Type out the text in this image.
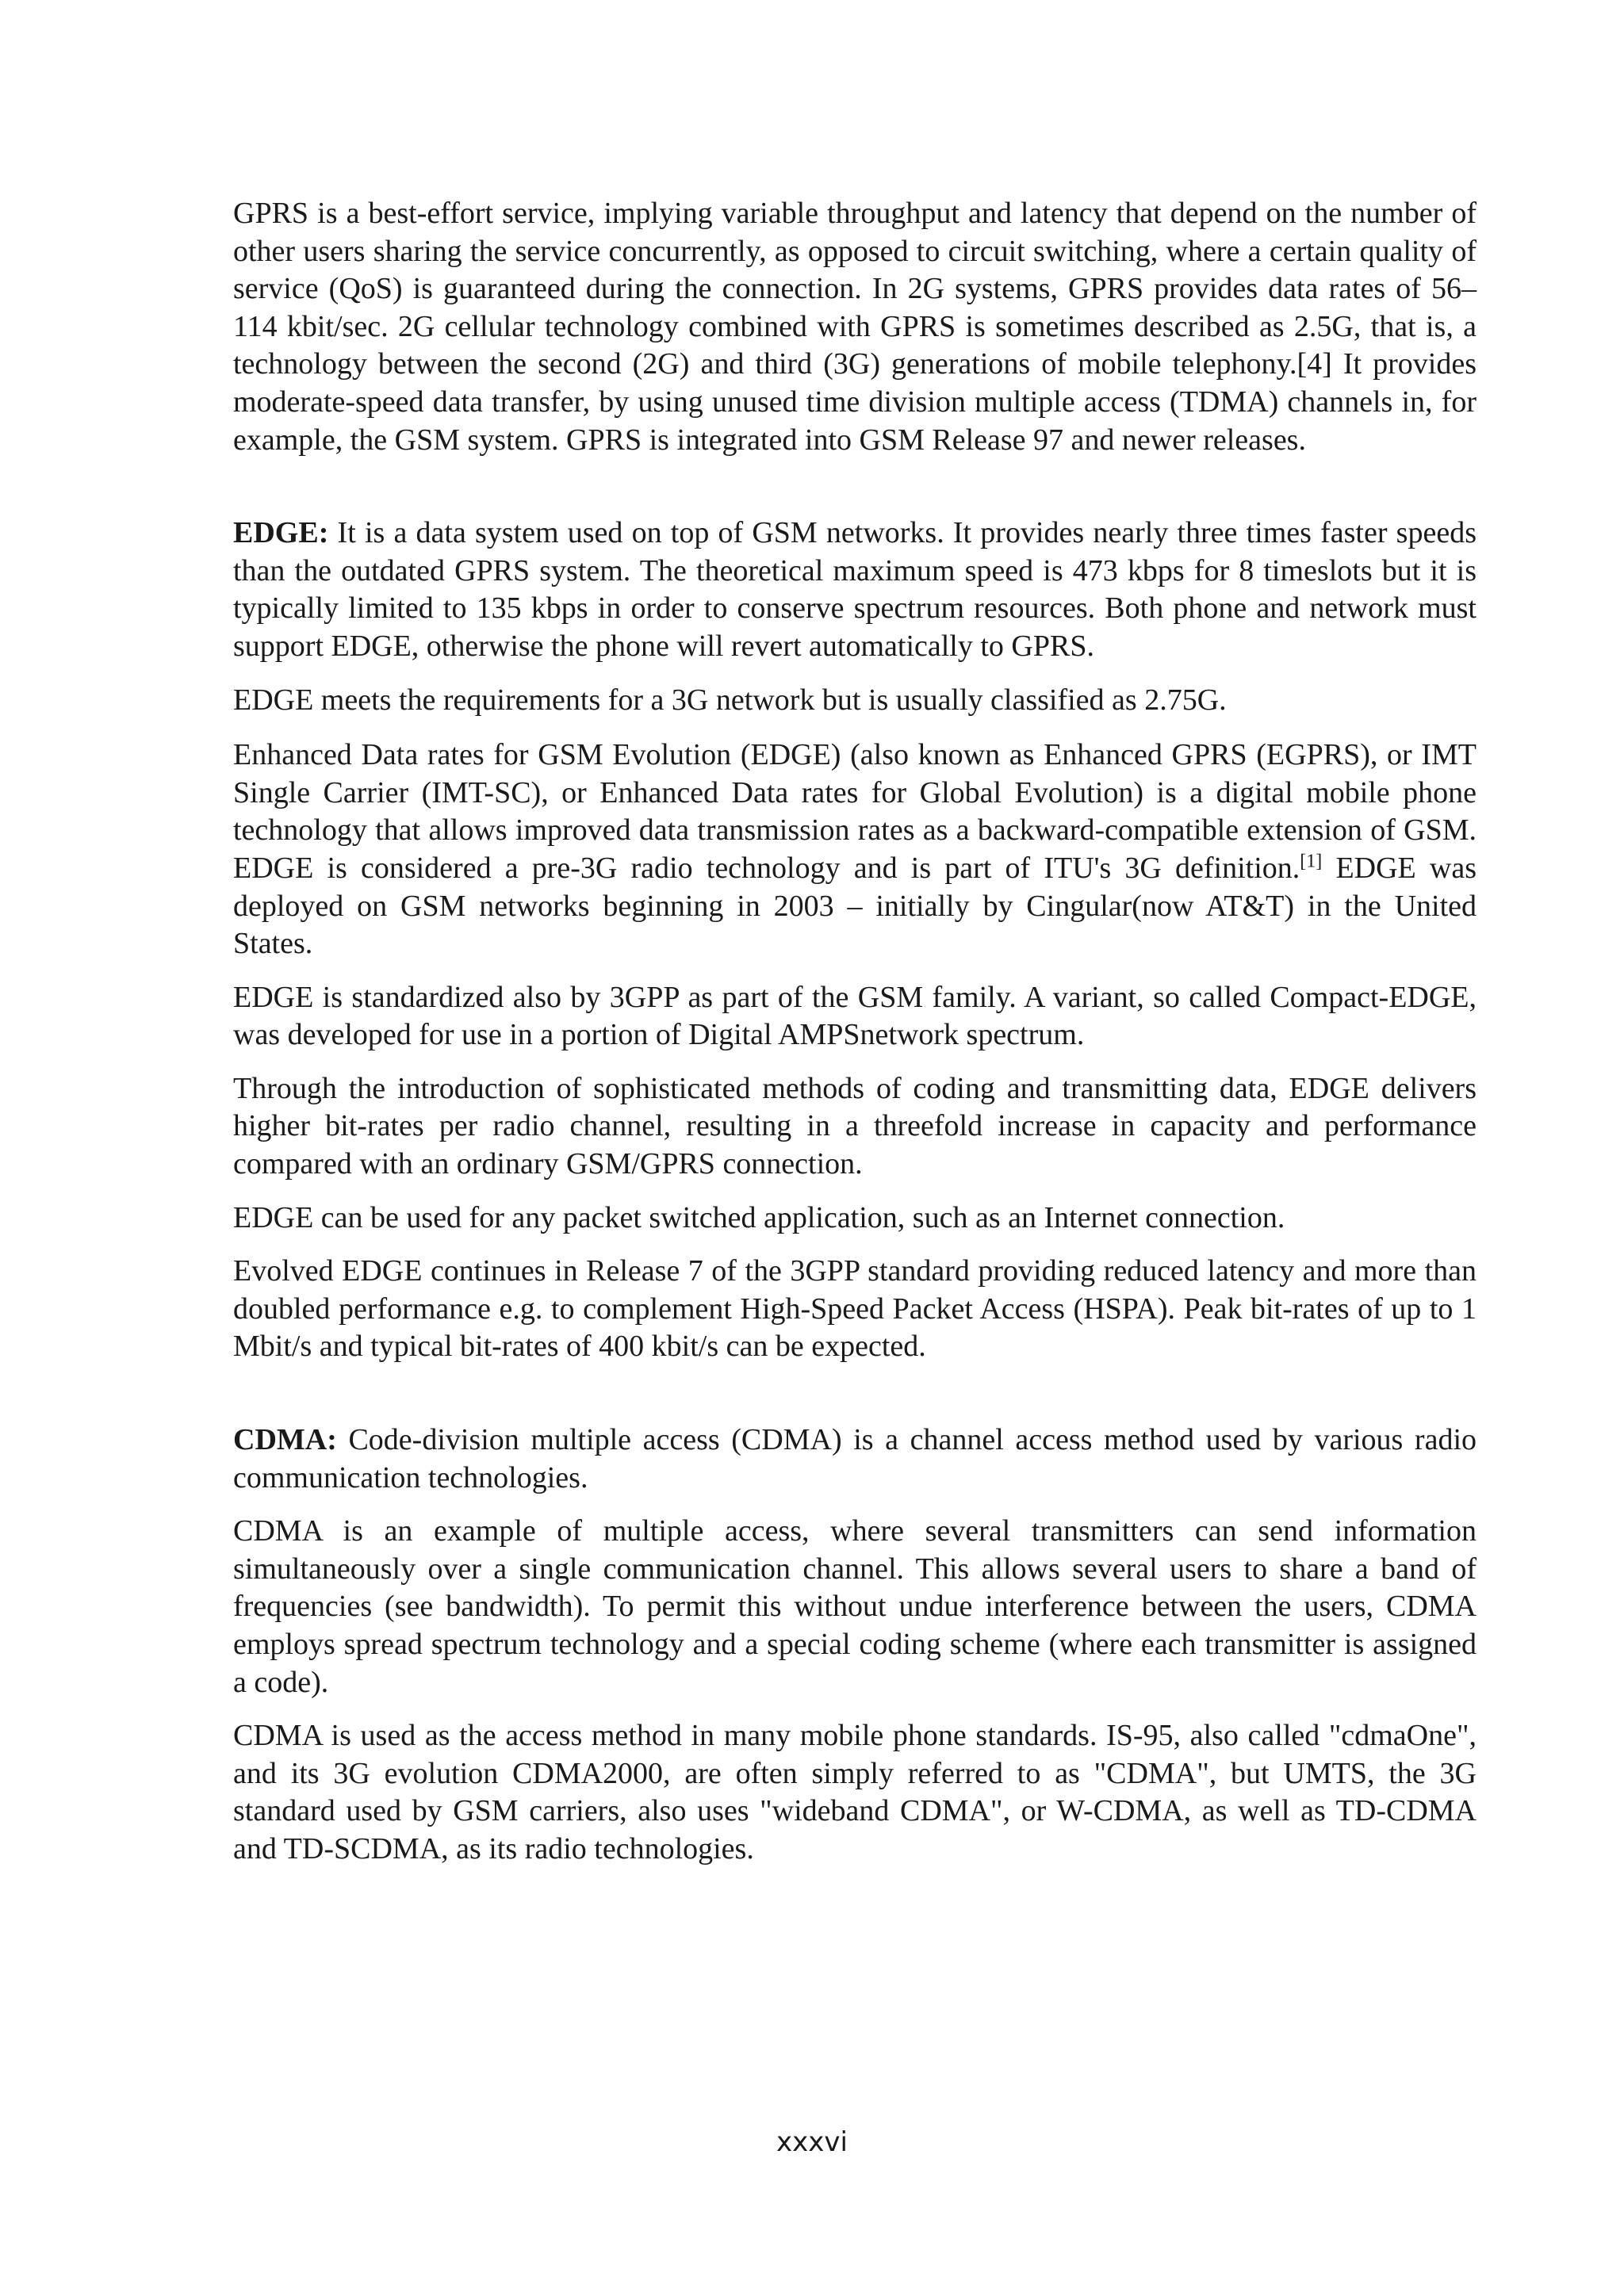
GPRS is a best-effort service, implying variable throughput and latency that depend on the number of other users sharing the service concurrently, as opposed to circuit switching, where a certain quality of service (QoS) is guaranteed during the connection. In 2G systems, GPRS provides data rates of 56–114 kbit/sec. 2G cellular technology combined with GPRS is sometimes described as 2.5G, that is, a technology between the second (2G) and third (3G) generations of mobile telephony.[4] It provides moderate-speed data transfer, by using unused time division multiple access (TDMA) channels in, for example, the GSM system. GPRS is integrated into GSM Release 97 and newer releases.

EDGE: It is a data system used on top of GSM networks. It provides nearly three times faster speeds than the outdated GPRS system. The theoretical maximum speed is 473 kbps for 8 timeslots but it is typically limited to 135 kbps in order to conserve spectrum resources. Both phone and network must support EDGE, otherwise the phone will revert automatically to GPRS.

EDGE meets the requirements for a 3G network but is usually classified as 2.75G.

Enhanced Data rates for GSM Evolution (EDGE) (also known as Enhanced GPRS (EGPRS), or IMT Single Carrier (IMT-SC), or Enhanced Data rates for Global Evolution) is a digital mobile phone technology that allows improved data transmission rates as a backward-compatible extension of GSM. EDGE is considered a pre-3G radio technology and is part of ITU's 3G definition.[1] EDGE was deployed on GSM networks beginning in 2003 – initially by Cingular(now AT&T) in the United States.

EDGE is standardized also by 3GPP as part of the GSM family. A variant, so called Compact-EDGE, was developed for use in a portion of Digital AMPSnetwork spectrum.

Through the introduction of sophisticated methods of coding and transmitting data, EDGE delivers higher bit-rates per radio channel, resulting in a threefold increase in capacity and performance compared with an ordinary GSM/GPRS connection.

EDGE can be used for any packet switched application, such as an Internet connection.

Evolved EDGE continues in Release 7 of the 3GPP standard providing reduced latency and more than doubled performance e.g. to complement High-Speed Packet Access (HSPA). Peak bit-rates of up to 1 Mbit/s and typical bit-rates of 400 kbit/s can be expected.

CDMA: Code-division multiple access (CDMA) is a channel access method used by various radio communication technologies.

CDMA is an example of multiple access, where several transmitters can send information simultaneously over a single communication channel. This allows several users to share a band of frequencies (see bandwidth). To permit this without undue interference between the users, CDMA employs spread spectrum technology and a special coding scheme (where each transmitter is assigned a code).

CDMA is used as the access method in many mobile phone standards. IS-95, also called "cdmaOne", and its 3G evolution CDMA2000, are often simply referred to as "CDMA", but UMTS, the 3G standard used by GSM carriers, also uses "wideband CDMA", or W-CDMA, as well as TD-CDMA and TD-SCDMA, as its radio technologies.

xxxvi
